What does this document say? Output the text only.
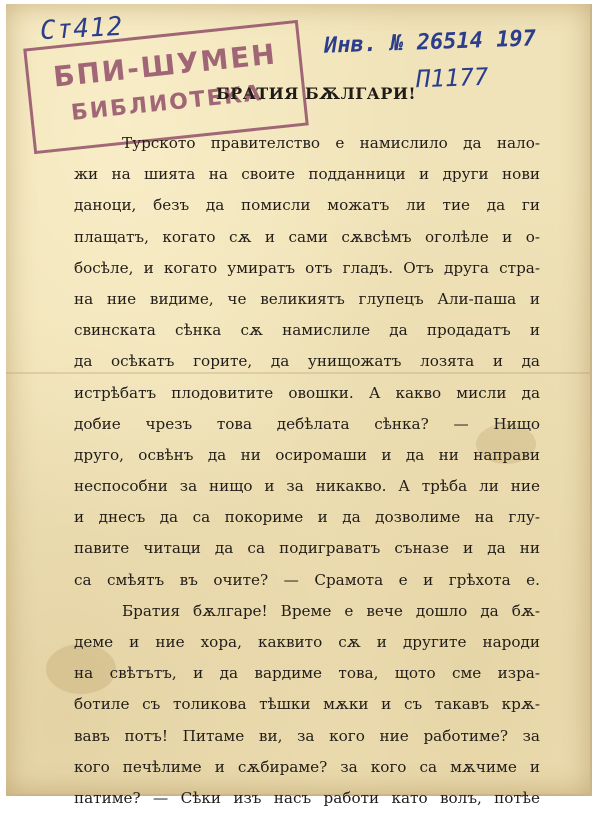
Ст412	Инв. № 26514 197
П1177
БПИ-ШУМЕН
БИБЛИОТЕКА
БРАТИЯ БѪЛГАРИ!
Турското правителство е намислило да нало-
жи на шията на своите подданници и други нови
даноци, безъ да помисли можатъ ли тие да ги
плащатъ, когато сѫ и сами сѫвсѣмъ оголѣле и о-
босѣле, и когато умиратъ отъ гладъ. Отъ друга стра-
на ние видиме, че великиятъ глупецъ Али-паша и
свинската сѣнка сѫ намислиле да продадатъ и
да осѣкатъ горите, да унищожатъ лозята и да
истрѣбатъ плодовитите овошки. А какво мисли да
добие чрезъ това дебѣлата сѣнка? — Нищо
друго, освѣнъ да ни осиромаши и да ни направи
неспособни за нищо и за никакво. А трѣба ли ние
и днесъ да са покориме и да дозволиме на глу-
павите читаци да са подиграватъ съназе и да ни
са смѣятъ въ очите? — Срамота е и грѣхота е.
Братия бѫлгаре! Време е вече дошло да бѫ-
деме и ние хора, каквито сѫ и другите народи
на свѣтътъ, и да вардиме това, щото сме изра-
ботиле съ толикова тѣшки мѫки и съ такавъ крѫ-
вавъ потъ! Питаме ви, за кого ние работиме? за
кого печѣлиме и сѫбираме? за кого са мѫчиме и
патиме? — Сѣки изъ насъ работи като волъ, потѣе
